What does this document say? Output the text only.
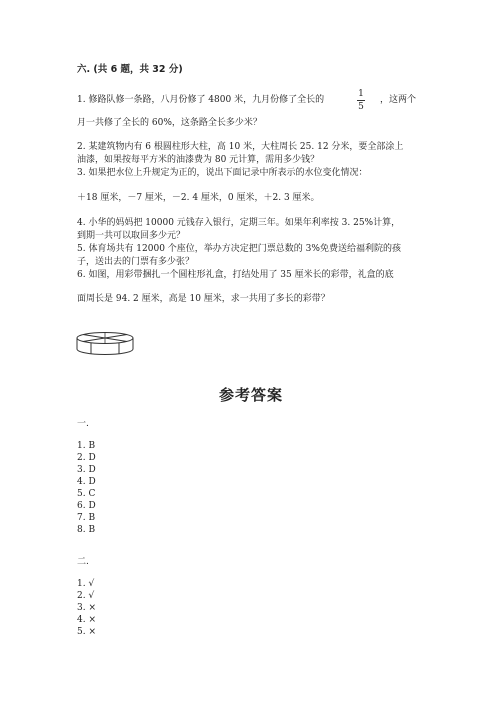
六. (共 6 题，共 32 分)
1. 修路队修一条路，八月份修了 4800 米，九月份修了全长的
1
5
，这两个
月一共修了全长的 60%，这条路全长多少米？
2. 某建筑物内有 6 根圆柱形大柱，高 10 米，大柱周长 25. 12 分米，要全部涂上
油漆，如果按每平方米的油漆费为 80 元计算，需用多少钱？
3. 如果把水位上升规定为正的，说出下面记录中所表示的水位变化情况：
＋18 厘米，－7 厘米，－2. 4 厘米，0 厘米，＋2. 3 厘米。
4. 小华的妈妈把 10000 元钱存入银行，定期三年。如果年利率按 3. 25%计算，
到期一共可以取回多少元？
5. 体育场共有 12000 个座位，举办方决定把门票总数的 3%免费送给福利院的孩
子，送出去的门票有多少张？
6. 如图，用彩带捆扎一个圆柱形礼盒，打结处用了 35 厘米长的彩带，礼盒的底
面周长是 94. 2 厘米，高是 10 厘米，求一共用了多长的彩带？
参考答案
一.
1. B
2. D
3. D
4. D
5. C
6. D
7. B
8. B
二.
1. √
2. √
3. ×
4. ×
5. ×
